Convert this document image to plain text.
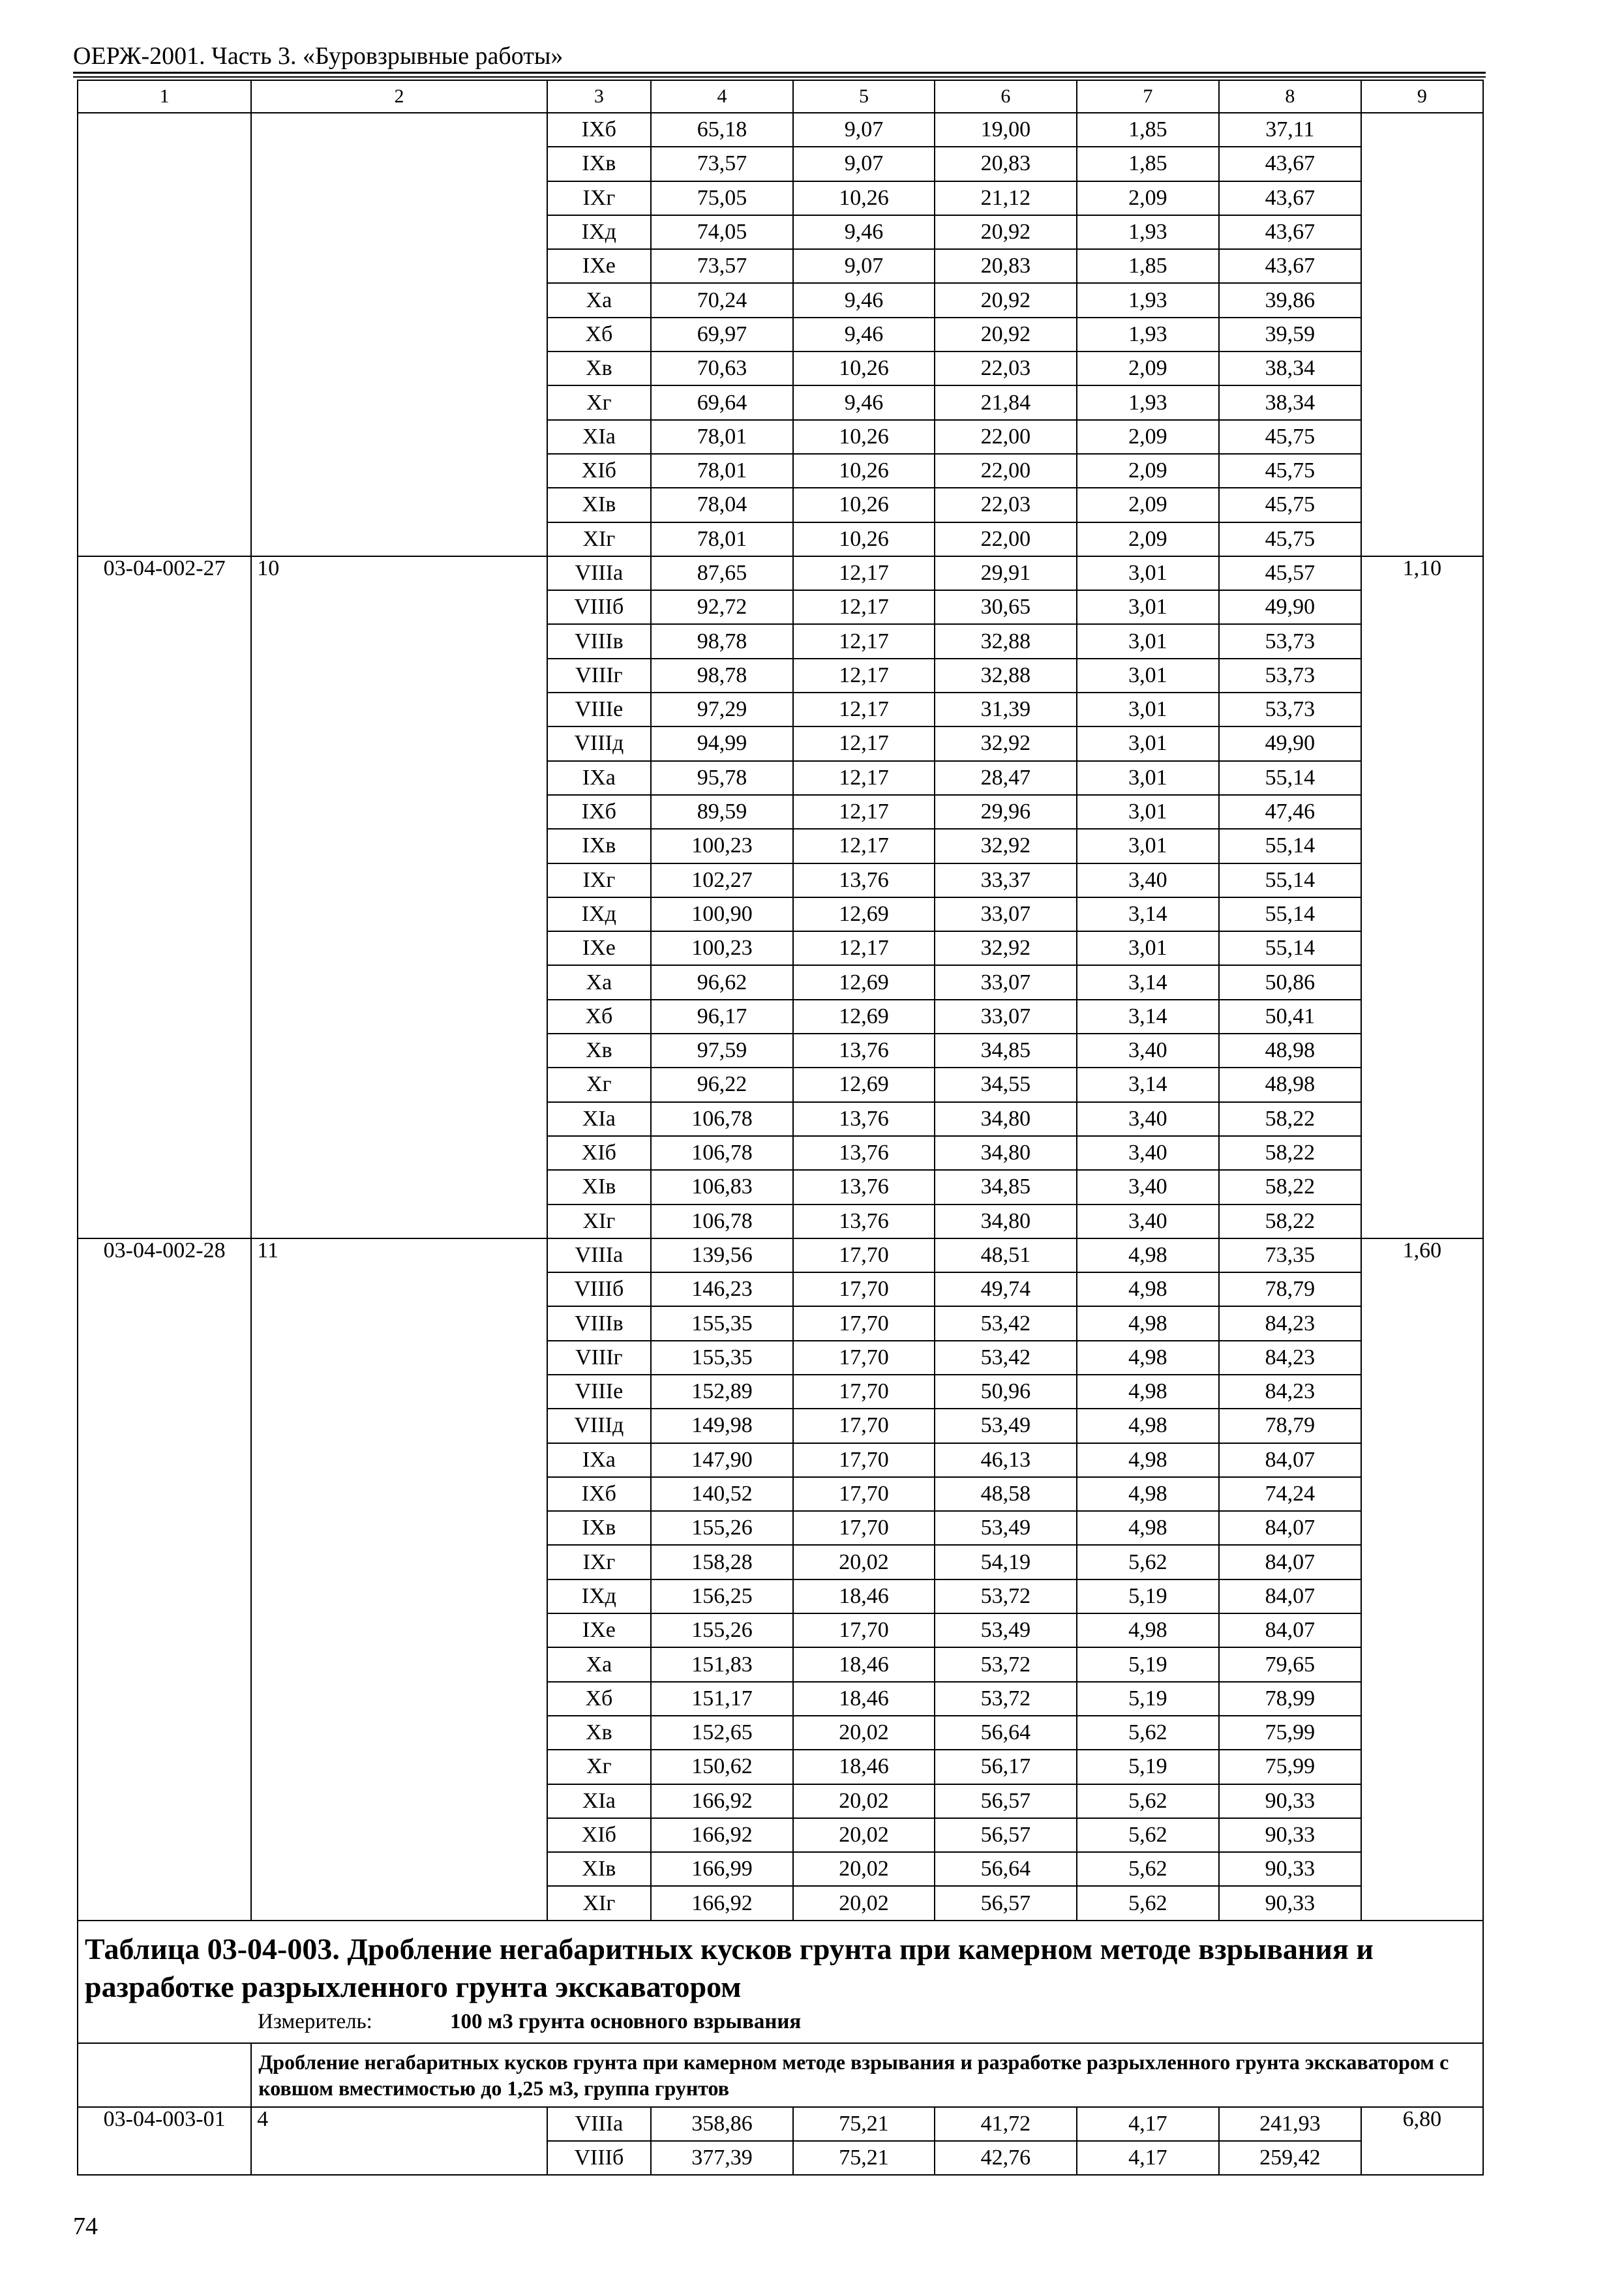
ОЕРЖ-2001. Часть 3. «Буровзрывные работы»
1	2	3	4	5	6	7	8	9
		IXб	65,18	9,07	19,00	1,85	37,11	
		IXв	73,57	9,07	20,83	1,85	43,67	
		IXг	75,05	10,26	21,12	2,09	43,67	
		IXд	74,05	9,46	20,92	1,93	43,67	
		IXе	73,57	9,07	20,83	1,85	43,67	
		Xа	70,24	9,46	20,92	1,93	39,86	
		Xб	69,97	9,46	20,92	1,93	39,59	
		Xв	70,63	10,26	22,03	2,09	38,34	
		Xг	69,64	9,46	21,84	1,93	38,34	
		XIа	78,01	10,26	22,00	2,09	45,75	
		XIб	78,01	10,26	22,00	2,09	45,75	
		XIв	78,04	10,26	22,03	2,09	45,75	
		XIг	78,01	10,26	22,00	2,09	45,75	
03-04-002-27	10	VIIIа	87,65	12,17	29,91	3,01	45,57	1,10
		VIIIб	92,72	12,17	30,65	3,01	49,90	
		VIIIв	98,78	12,17	32,88	3,01	53,73	
		VIIIг	98,78	12,17	32,88	3,01	53,73	
		VIIIе	97,29	12,17	31,39	3,01	53,73	
		VIIIд	94,99	12,17	32,92	3,01	49,90	
		IXа	95,78	12,17	28,47	3,01	55,14	
		IXб	89,59	12,17	29,96	3,01	47,46	
		IXв	100,23	12,17	32,92	3,01	55,14	
		IXг	102,27	13,76	33,37	3,40	55,14	
		IXд	100,90	12,69	33,07	3,14	55,14	
		IXе	100,23	12,17	32,92	3,01	55,14	
		Xа	96,62	12,69	33,07	3,14	50,86	
		Xб	96,17	12,69	33,07	3,14	50,41	
		Xв	97,59	13,76	34,85	3,40	48,98	
		Xг	96,22	12,69	34,55	3,14	48,98	
		XIа	106,78	13,76	34,80	3,40	58,22	
		XIб	106,78	13,76	34,80	3,40	58,22	
		XIв	106,83	13,76	34,85	3,40	58,22	
		XIг	106,78	13,76	34,80	3,40	58,22	
03-04-002-28	11	VIIIа	139,56	17,70	48,51	4,98	73,35	1,60
		VIIIб	146,23	17,70	49,74	4,98	78,79	
		VIIIв	155,35	17,70	53,42	4,98	84,23	
		VIIIг	155,35	17,70	53,42	4,98	84,23	
		VIIIе	152,89	17,70	50,96	4,98	84,23	
		VIIIд	149,98	17,70	53,49	4,98	78,79	
		IXа	147,90	17,70	46,13	4,98	84,07	
		IXб	140,52	17,70	48,58	4,98	74,24	
		IXв	155,26	17,70	53,49	4,98	84,07	
		IXг	158,28	20,02	54,19	5,62	84,07	
		IXд	156,25	18,46	53,72	5,19	84,07	
		IXе	155,26	17,70	53,49	4,98	84,07	
		Xа	151,83	18,46	53,72	5,19	79,65	
		Xб	151,17	18,46	53,72	5,19	78,99	
		Xв	152,65	20,02	56,64	5,62	75,99	
		Xг	150,62	18,46	56,17	5,19	75,99	
		XIа	166,92	20,02	56,57	5,62	90,33	
		XIб	166,92	20,02	56,57	5,62	90,33	
		XIв	166,99	20,02	56,64	5,62	90,33	
		XIг	166,92	20,02	56,57	5,62	90,33	

Таблица 03-04-003. Дробление негабаритных кусков грунта при камерном методе взрывания и разработке разрыхленного грунта экскаватором
Измеритель: 100 м3 грунта основного взрывания								

	Дробление негабаритных кусков грунта при камерном методе взрывания и разработке разрыхленного грунта экскаватором с ковшом вместимостью до 1,25 м3, группа грунтов							
03-04-003-01	4	VIIIа	358,86	75,21	41,72	4,17	241,93	6,80
		VIIIб	377,39	75,21	42,76	4,17	259,42	
74
